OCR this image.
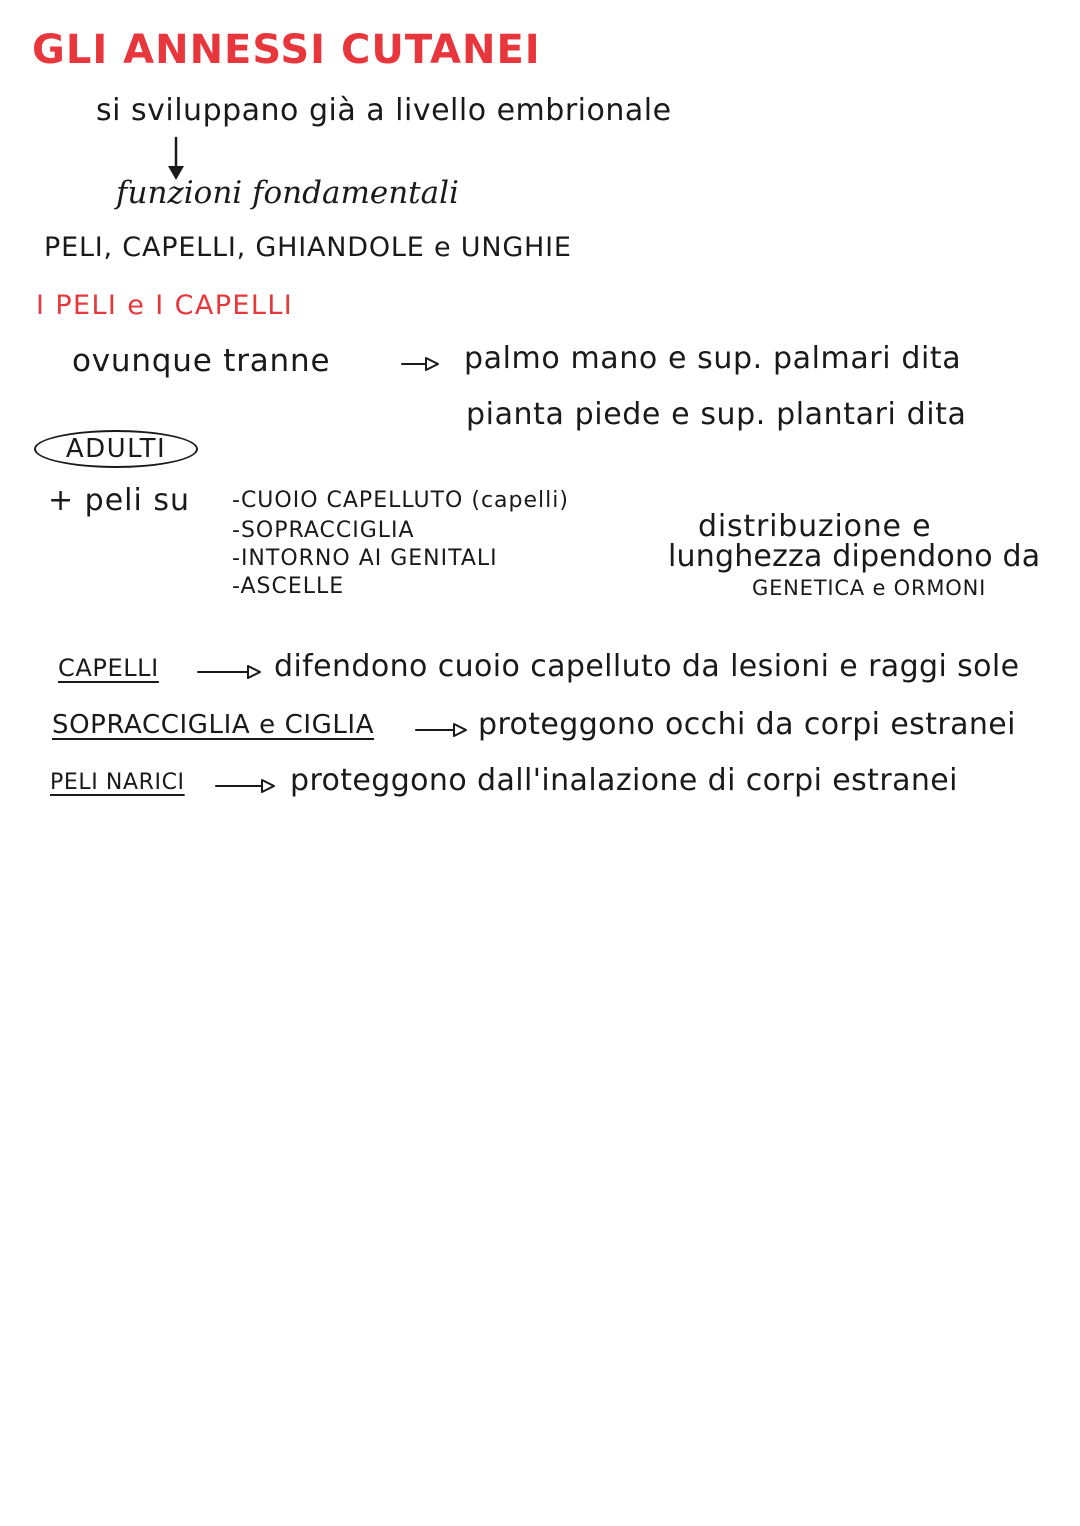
GLI ANNESSI CUTANEI
si sviluppano già a livello embrionale
funzioni fondamentali
PELI, CAPELLI, GHIANDOLE e UNGHIE
I PELI e I CAPELLI
ovunque tranne	palmo mano e sup. palmari dita
pianta piede e sup. plantari dita
ADULTI
+ peli su -CUOIO CAPELLUTO (capelli)
-SOPRACCIGLIA
-INTORNO AI GENITALI
-ASCELLE
distribuzione e
lunghezza dipendono da
GENETICA e ORMONI
CAPELLI	difendono cuoio capelluto da lesioni e raggi sole
SOPRACCIGLIA e CIGLIA	proteggono occhi da corpi estranei
PELI NARICI	proteggono dall'inalazione di corpi estranei
